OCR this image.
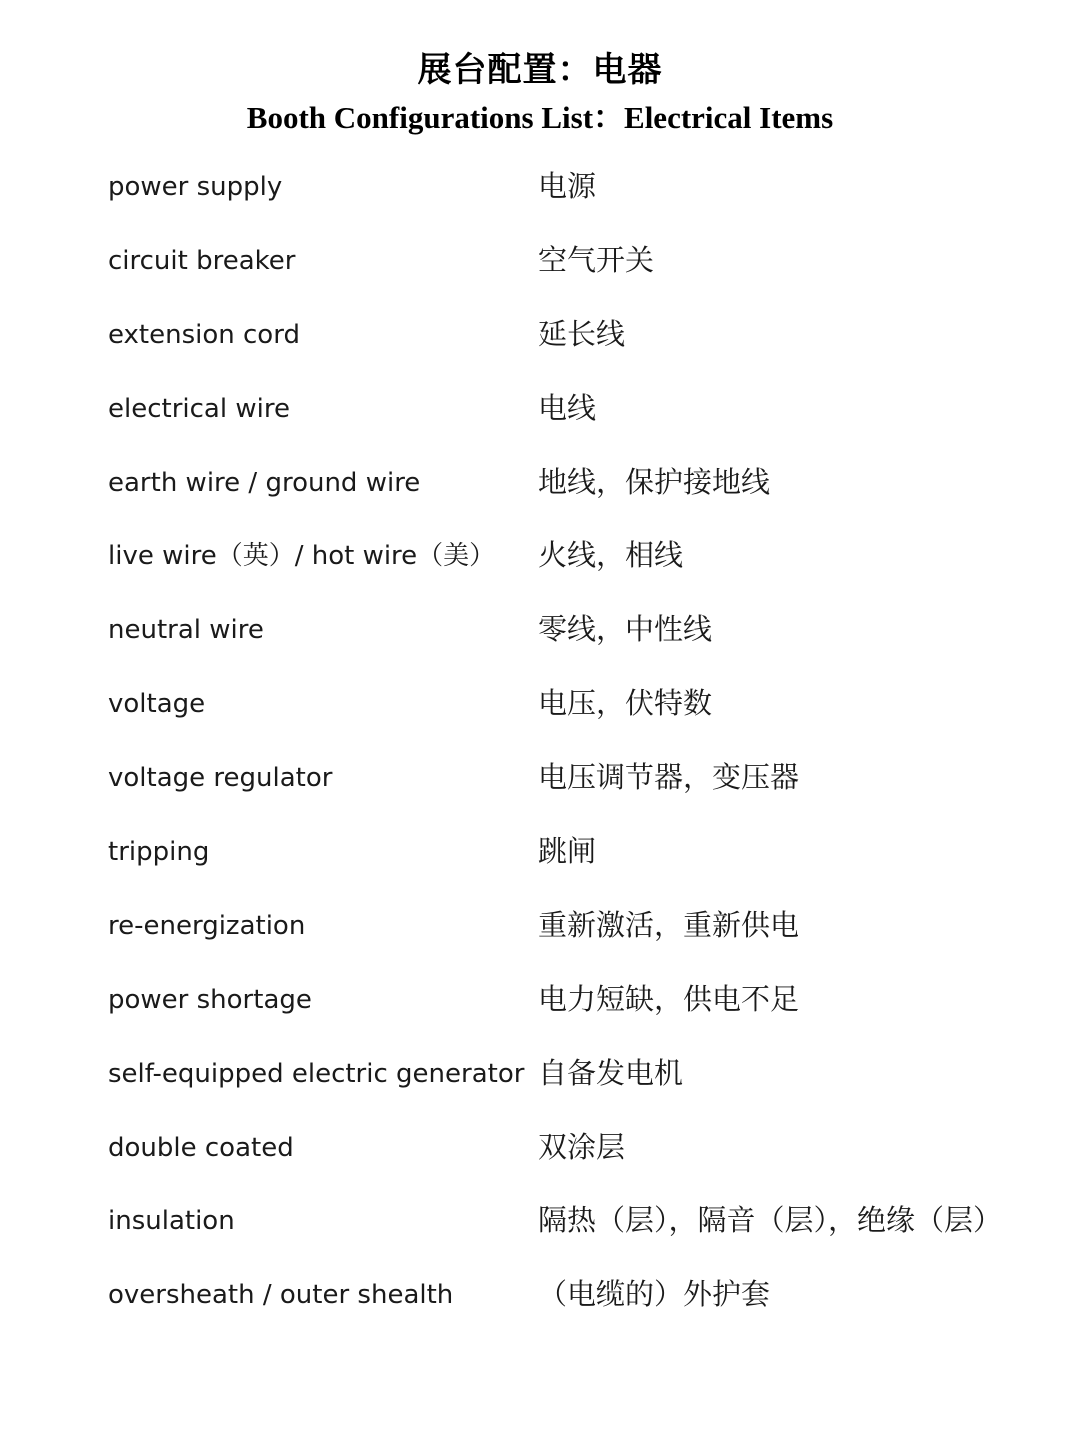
展台配置：电器
Booth Configurations List：Electrical Items
power supply	电源
circuit breaker	空气开关
extension cord	延长线
electrical wire	电线
earth wire / ground wire	地线，保护接地线
live wire（英）/ hot wire（美）	火线，相线
neutral wire	零线，中性线
voltage	电压，伏特数
voltage regulator	电压调节器，变压器
tripping	跳闸
re-energization	重新激活，重新供电
power shortage	电力短缺，供电不足
self-equipped electric generator 自备发电机
double coated	双涂层
insulation	隔热（层），隔音（层），绝缘（层）
oversheath / outer shealth	（电缆的）外护套
